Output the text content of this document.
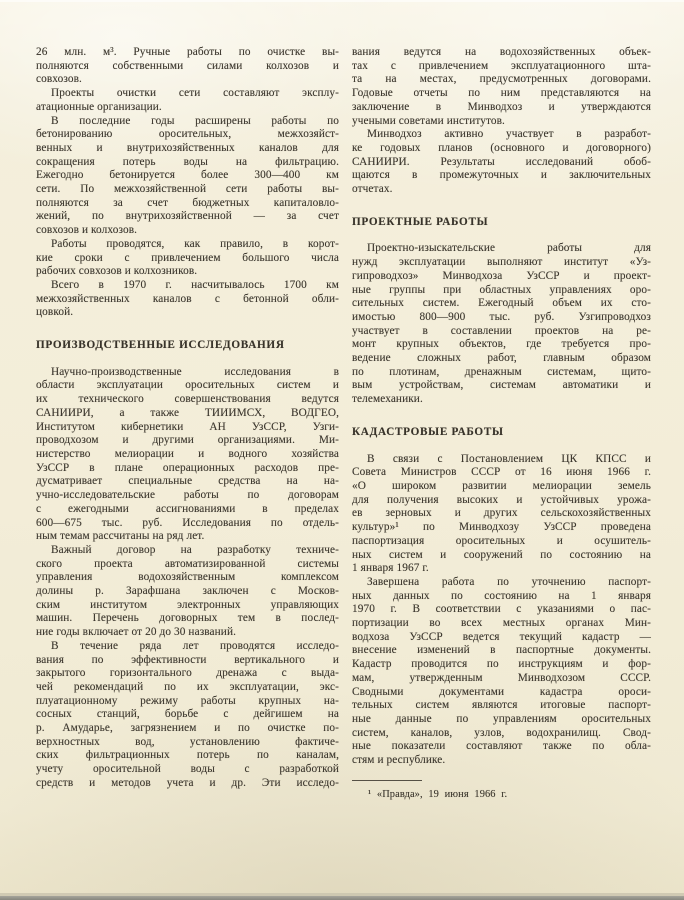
26 млн. м³. Ручные работы по очистке вы-
полняются собственными силами колхозов и
совхозов.
Проекты очистки сети составляют эксплу-
атационные организации.
В последние годы расширены работы по
бетонированию оросительных, межхозяйст-
венных и внутрихозяйственных каналов для
сокращения потерь воды на фильтрацию.
Ежегодно бетонируется более 300—400 км
сети. По межхозяйственной сети работы вы-
полняются за счет бюджетных капиталовло-
жений, по внутрихозяйственной — за счет
совхозов и колхозов.
Работы проводятся, как правило, в корот-
кие сроки с привлечением большого числа
рабочих совхозов и колхозников.
Всего в 1970 г. насчитывалось 1700 км
межхозяйственных каналов с бетонной обли-
цовкой.
ПРОИЗВОДСТВЕННЫЕ ИССЛЕДОВАНИЯ
Научно-производственные исследования в
области эксплуатации оросительных систем и
их технического совершенствования ведутся
САНИИРИ, а также ТИИИМСХ, ВОДГЕО,
Институтом кибернетики АН УзССР, Узги-
проводхозом и другими организациями. Ми-
нистерство мелиорации и водного хозяйства
УзССР в плане операционных расходов пре-
дусматривает специальные средства на на-
учно-исследовательские работы по договорам
с ежегодными ассигнованиями в пределах
600—675 тыс. руб. Исследования по отдель-
ным темам рассчитаны на ряд лет.
Важный договор на разработку техниче-
ского проекта автоматизированной системы
управления водохозяйственным комплексом
долины р. Зарафшана заключен с Москов-
ским институтом электронных управляющих
машин. Перечень договорных тем в послед-
ние годы включает от 20 до 30 названий.
В течение ряда лет проводятся исследо-
вания по эффективности вертикального и
закрытого горизонтального дренажа с выда-
чей рекомендаций по их эксплуатации, экс-
плуатационному режиму работы крупных на-
сосных станций, борьбе с дейгишем на
р. Амударье, загрязнением и по очистке по-
верхностных вод, установлению фактиче-
ских фильтрационных потерь по каналам,
учету оросительной воды с разработкой
средств и методов учета и др. Эти исследо-
вания ведутся на водохозяйственных объек-
тах с привлечением эксплуатационного шта-
та на местах, предусмотренных договорами.
Годовые отчеты по ним представляются на
заключение в Минводхоз и утверждаются
учеными советами институтов.
Минводхоз активно участвует в разработ-
ке годовых планов (основного и договорного)
САНИИРИ. Результаты исследований обоб-
щаются в промежуточных и заключительных
отчетах.
ПРОЕКТНЫЕ РАБОТЫ
Проектно-изыскательские работы для
нужд эксплуатации выполняют институт «Уз-
гипроводхоз» Минводхоза УзССР и проект-
ные группы при областных управлениях оро-
сительных систем. Ежегодный объем их сто-
имостью 800—900 тыс. руб. Узгипроводхоз
участвует в составлении проектов на ре-
монт крупных объектов, где требуется про-
ведение сложных работ, главным образом
по плотинам, дренажным системам, щито-
вым устройствам, системам автоматики и
телемеханики.
КАДАСТРОВЫЕ РАБОТЫ
В связи с Постановлением ЦК КПСС и
Совета Министров СССР от 16 июня 1966 г.
«О широком развитии мелиорации земель
для получения высоких и устойчивых урожа-
ев зерновых и других сельскохозяйственных
культур»¹ по Минводхозу УзССР проведена
паспортизация оросительных и осушитель-
ных систем и сооружений по состоянию на
1 января 1967 г.
Завершена работа по уточнению паспорт-
ных данных по состоянию на 1 января
1970 г. В соответствии с указаниями о пас-
портизации во всех местных органах Мин-
водхоза УзССР ведется текущий кадастр —
внесение изменений в паспортные документы.
Кадастр проводится по инструкциям и фор-
мам, утвержденным Минводхозом СССР.
Сводными документами кадастра ороси-
тельных систем являются итоговые паспорт-
ные данные по управлениям оросительных
систем, каналов, узлов, водохранилищ. Свод-
ные показатели составляют также по обла-
стям и республике.
¹ «Правда», 19 июня 1966 г.
